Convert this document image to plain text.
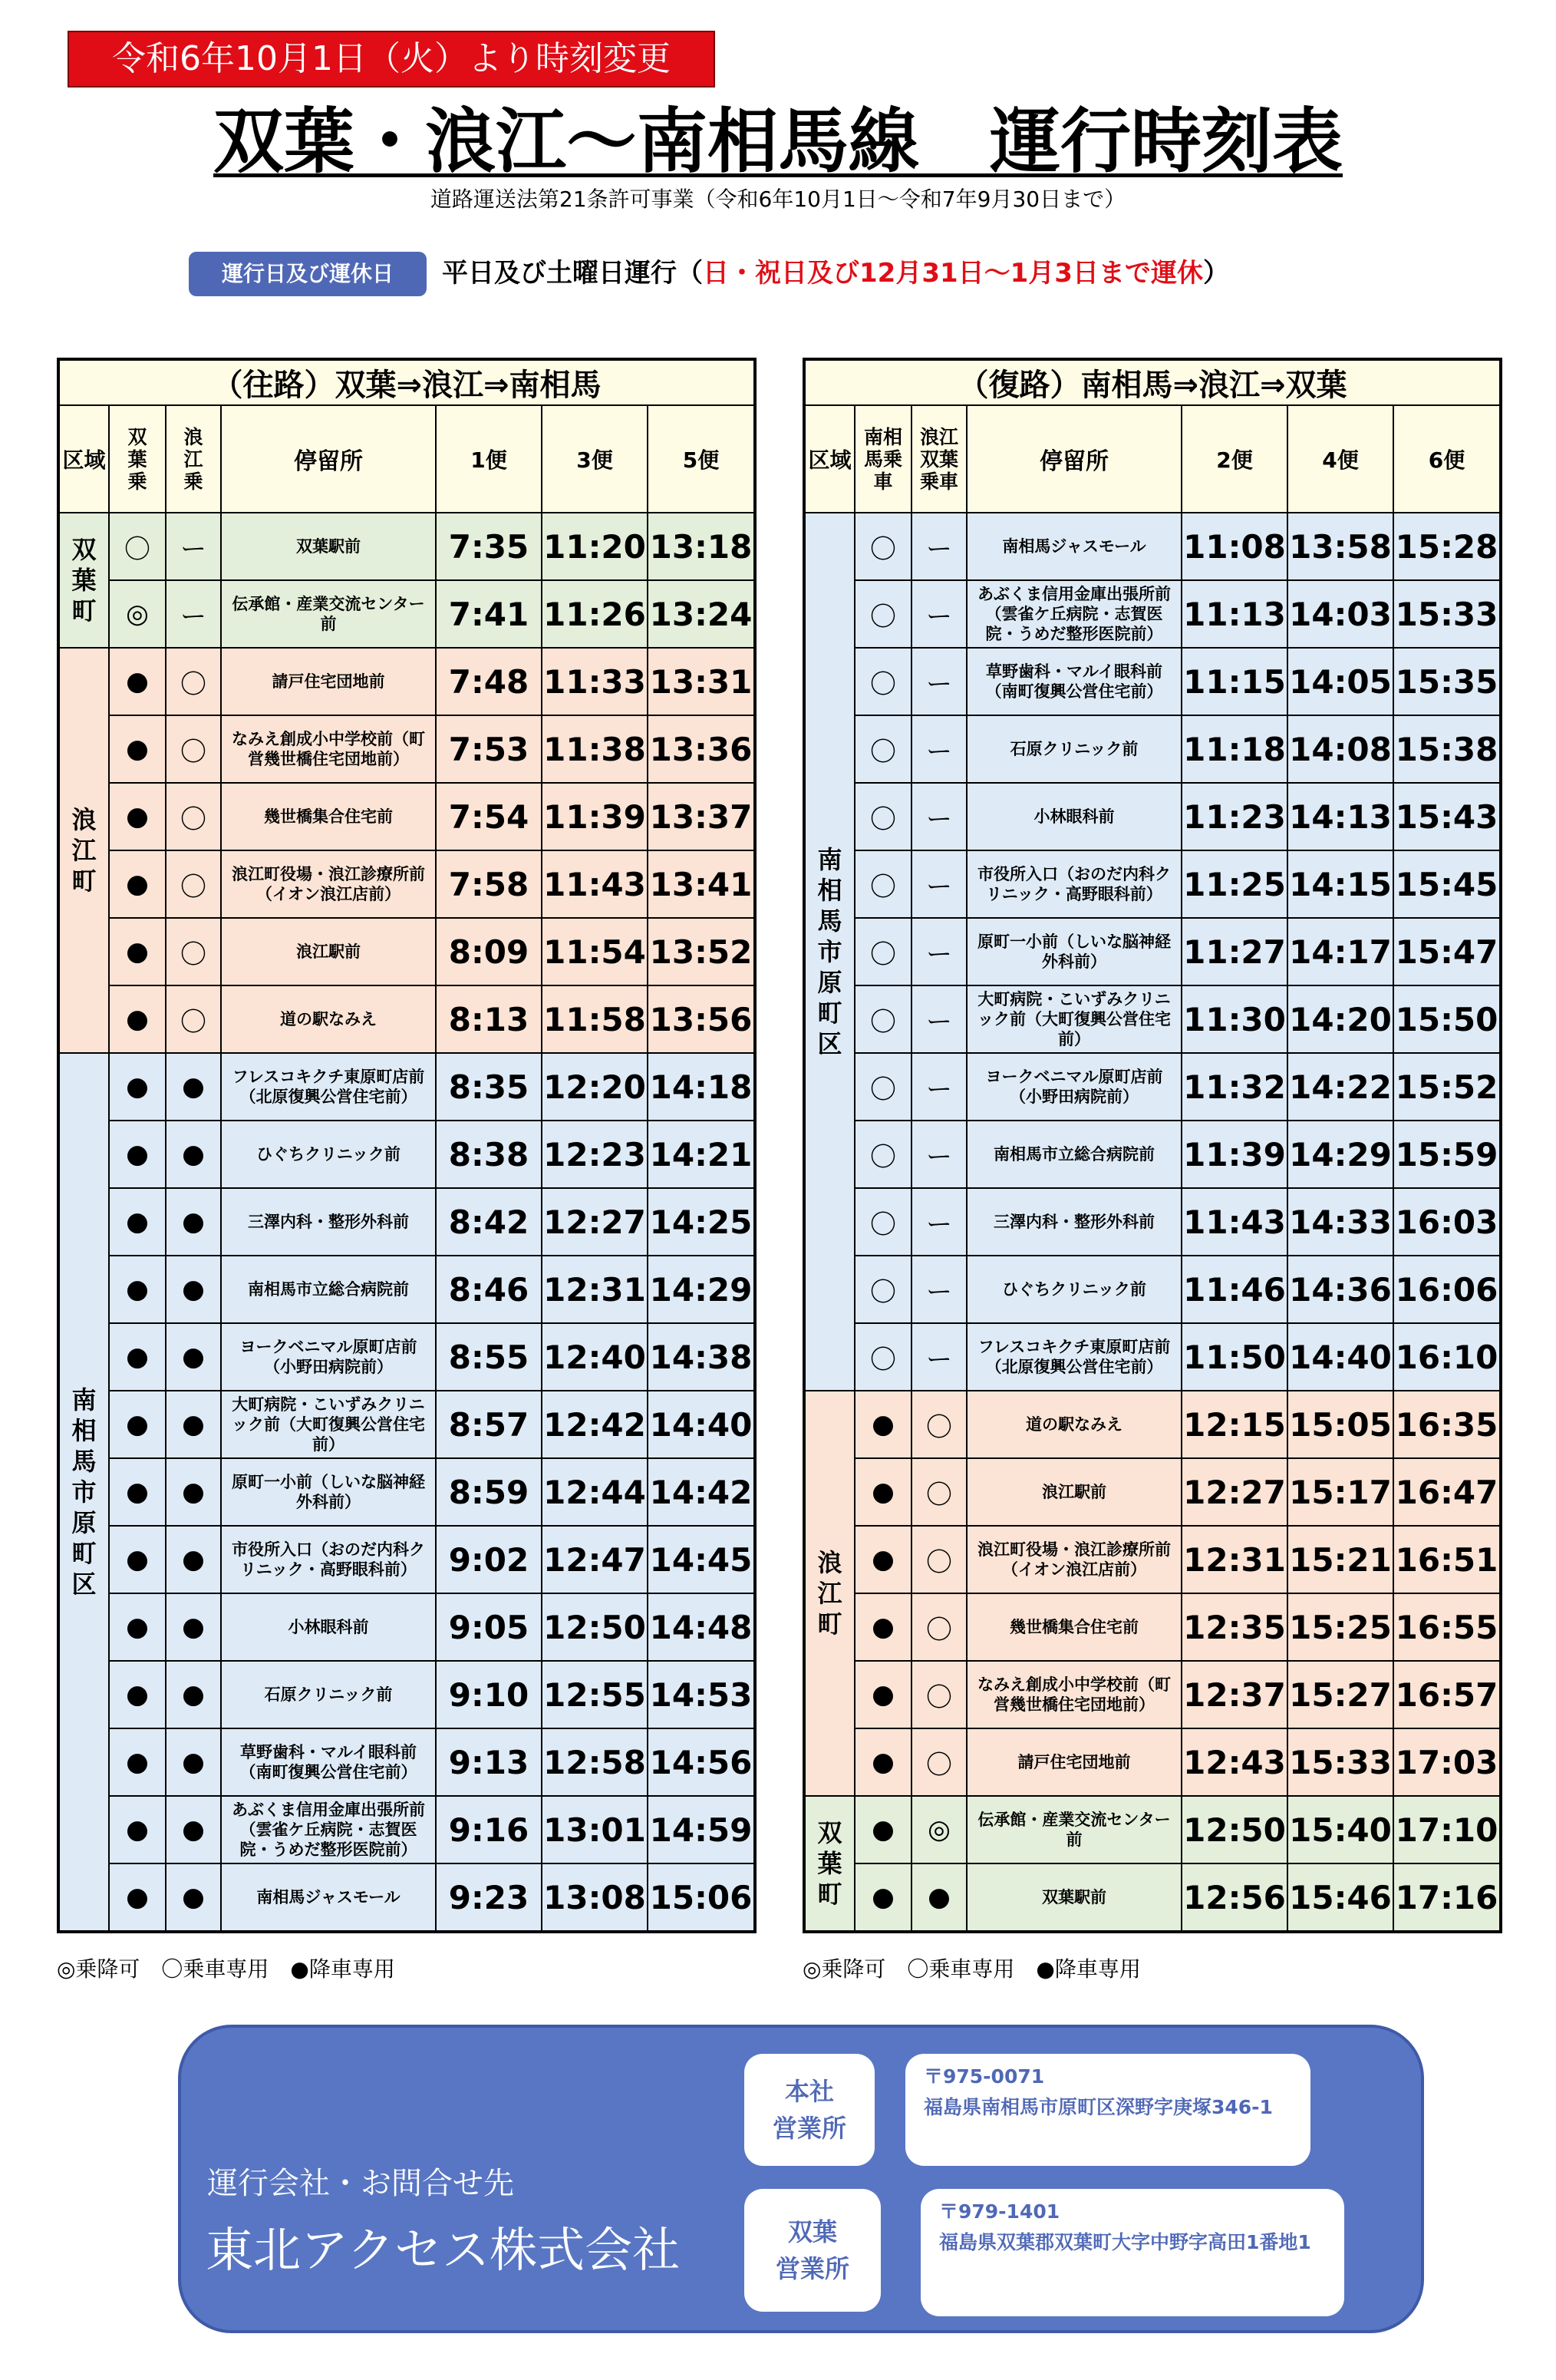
令和6年10月1日（火）より時刻変更
双葉・浪江～南相馬線　運行時刻表
道路運送法第21条許可事業（令和6年10月1日～令和7年9月30日まで）
運行日及び運休日	平日及び土曜日運行（日・祝日及び12月31日～1月3日まで運休）
（往路）双葉⇒浪江⇒南相馬						
区域	双葉乗	浪江乗	停留所	1便	3便	5便
双葉町	〇	ー	双葉駅前	7:35	11:20	13:18
	◎	ー	伝承館・産業交流センター前	7:41	11:26	13:24
浪江町	●	〇	請戸住宅団地前	7:48	11:33	13:31
	●	〇	なみえ創成小中学校前（町営幾世橋住宅団地前）	7:53	11:38	13:36
	●	〇	幾世橋集合住宅前	7:54	11:39	13:37
	●	〇	浪江町役場・浪江診療所前（イオン浪江店前）	7:58	11:43	13:41
	●	〇	浪江駅前	8:09	11:54	13:52
	●	〇	道の駅なみえ	8:13	11:58	13:56
南相馬市原町区	●	●	フレスコキクチ東原町店前（北原復興公営住宅前）	8:35	12:20	14:18
	●	●	ひぐちクリニック前	8:38	12:23	14:21
	●	●	三澤内科・整形外科前	8:42	12:27	14:25
	●	●	南相馬市立総合病院前	8:46	12:31	14:29
	●	●	ヨークベニマル原町店前（小野田病院前）	8:55	12:40	14:38
	●	●	大町病院・こいずみクリニック前（大町復興公営住宅前）	8:57	12:42	14:40
	●	●	原町一小前（しいな脳神経外科前）	8:59	12:44	14:42
	●	●	市役所入口（おのだ内科クリニック・高野眼科前）	9:02	12:47	14:45
	●	●	小林眼科前	9:05	12:50	14:48
	●	●	石原クリニック前	9:10	12:55	14:53
	●	●	草野歯科・マルイ眼科前（南町復興公営住宅前）	9:13	12:58	14:56
	●	●	あぶくま信用金庫出張所前（雲雀ケ丘病院・志賀医院・うめだ整形医院前）	9:16	13:01	14:59
	●	●	南相馬ジャスモール	9:23	13:08	15:06
◎乗降可　〇乗車専用　●降車専用
（復路）南相馬⇒浪江⇒双葉						
区域	南相馬乗車	浪江双葉乗車	停留所	2便	4便	6便
南相馬市原町区	〇	ー	南相馬ジャスモール	11:08	13:58	15:28
	〇	ー	あぶくま信用金庫出張所前（雲雀ケ丘病院・志賀医院・うめだ整形医院前）	11:13	14:03	15:33
	〇	ー	草野歯科・マルイ眼科前（南町復興公営住宅前）	11:15	14:05	15:35
	〇	ー	石原クリニック前	11:18	14:08	15:38
	〇	ー	小林眼科前	11:23	14:13	15:43
	〇	ー	市役所入口（おのだ内科クリニック・高野眼科前）	11:25	14:15	15:45
	〇	ー	原町一小前（しいな脳神経外科前）	11:27	14:17	15:47
	〇	ー	大町病院・こいずみクリニック前（大町復興公営住宅前）	11:30	14:20	15:50
	〇	ー	ヨークベニマル原町店前（小野田病院前）	11:32	14:22	15:52
	〇	ー	南相馬市立総合病院前	11:39	14:29	15:59
	〇	ー	三澤内科・整形外科前	11:43	14:33	16:03
	〇	ー	ひぐちクリニック前	11:46	14:36	16:06
	〇	ー	フレスコキクチ東原町店前（北原復興公営住宅前）	11:50	14:40	16:10
浪江町	●	〇	道の駅なみえ	12:15	15:05	16:35
	●	〇	浪江駅前	12:27	15:17	16:47
	●	〇	浪江町役場・浪江診療所前（イオン浪江店前）	12:31	15:21	16:51
	●	〇	幾世橋集合住宅前	12:35	15:25	16:55
	●	〇	なみえ創成小中学校前（町営幾世橋住宅団地前）	12:37	15:27	16:57
	●	〇	請戸住宅団地前	12:43	15:33	17:03
双葉町	●	◎	伝承館・産業交流センター前	12:50	15:40	17:10
	●	●	双葉駅前	12:56	15:46	17:16
◎乗降可　〇乗車専用　●降車専用
運行会社・お問合せ先
東北アクセス株式会社
本社
営業所
〒975-0071
福島県南相馬市原町区深野字庚塚346-1
双葉
営業所
〒979-1401
福島県双葉郡双葉町大字中野字高田1番地1
